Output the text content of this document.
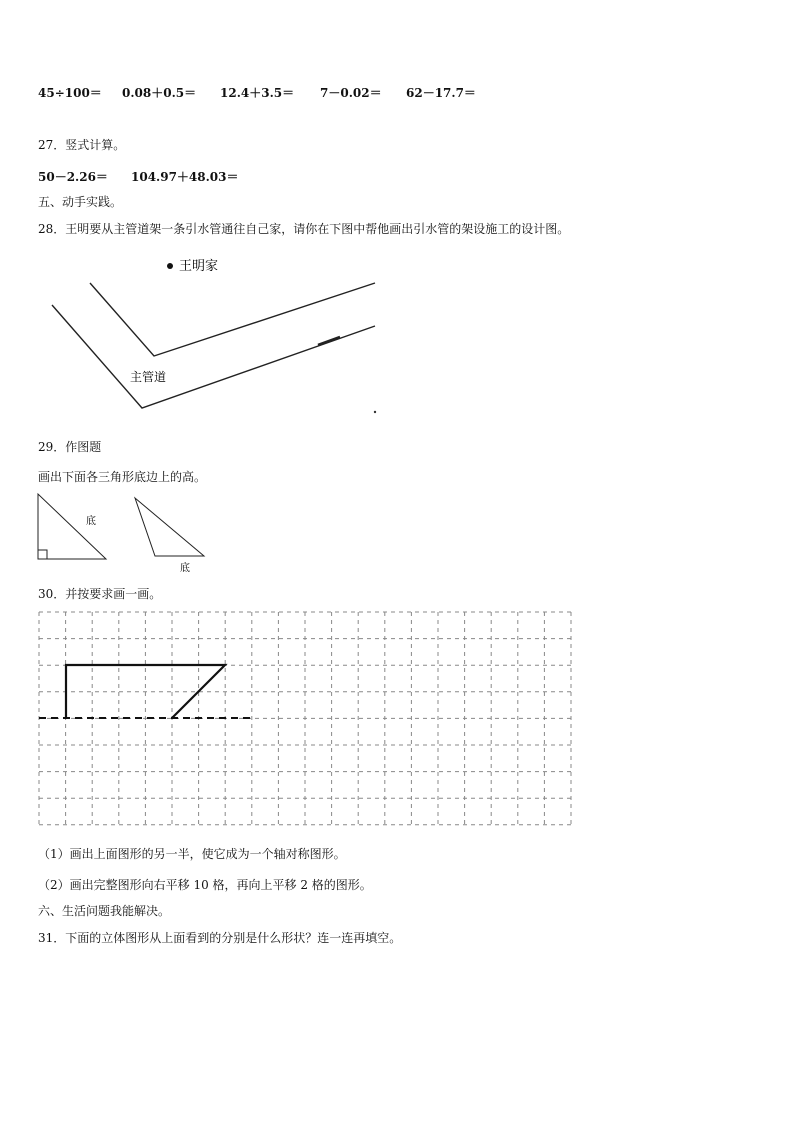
45÷100＝ 0.08＋0.5＝ 12.4＋3.5＝ 7－0.02＝ 62－17.7＝
27．竖式计算。
50－2.26＝ 104.97＋48.03＝
五、动手实践。
28．王明要从主管道架一条引水管通往自己家，请你在下图中帮他画出引水管的架设施工的设计图。
王明家
主管道
29．作图题
画出下面各三角形底边上的高。
底
底
30．并按要求画一画。
（1）画出上面图形的另一半，使它成为一个轴对称图形。
（2）画出完整图形向右平移 10 格，再向上平移 2 格的图形。
六、生活问题我能解决。
31．下面的立体图形从上面看到的分别是什么形状？连一连再填空。
